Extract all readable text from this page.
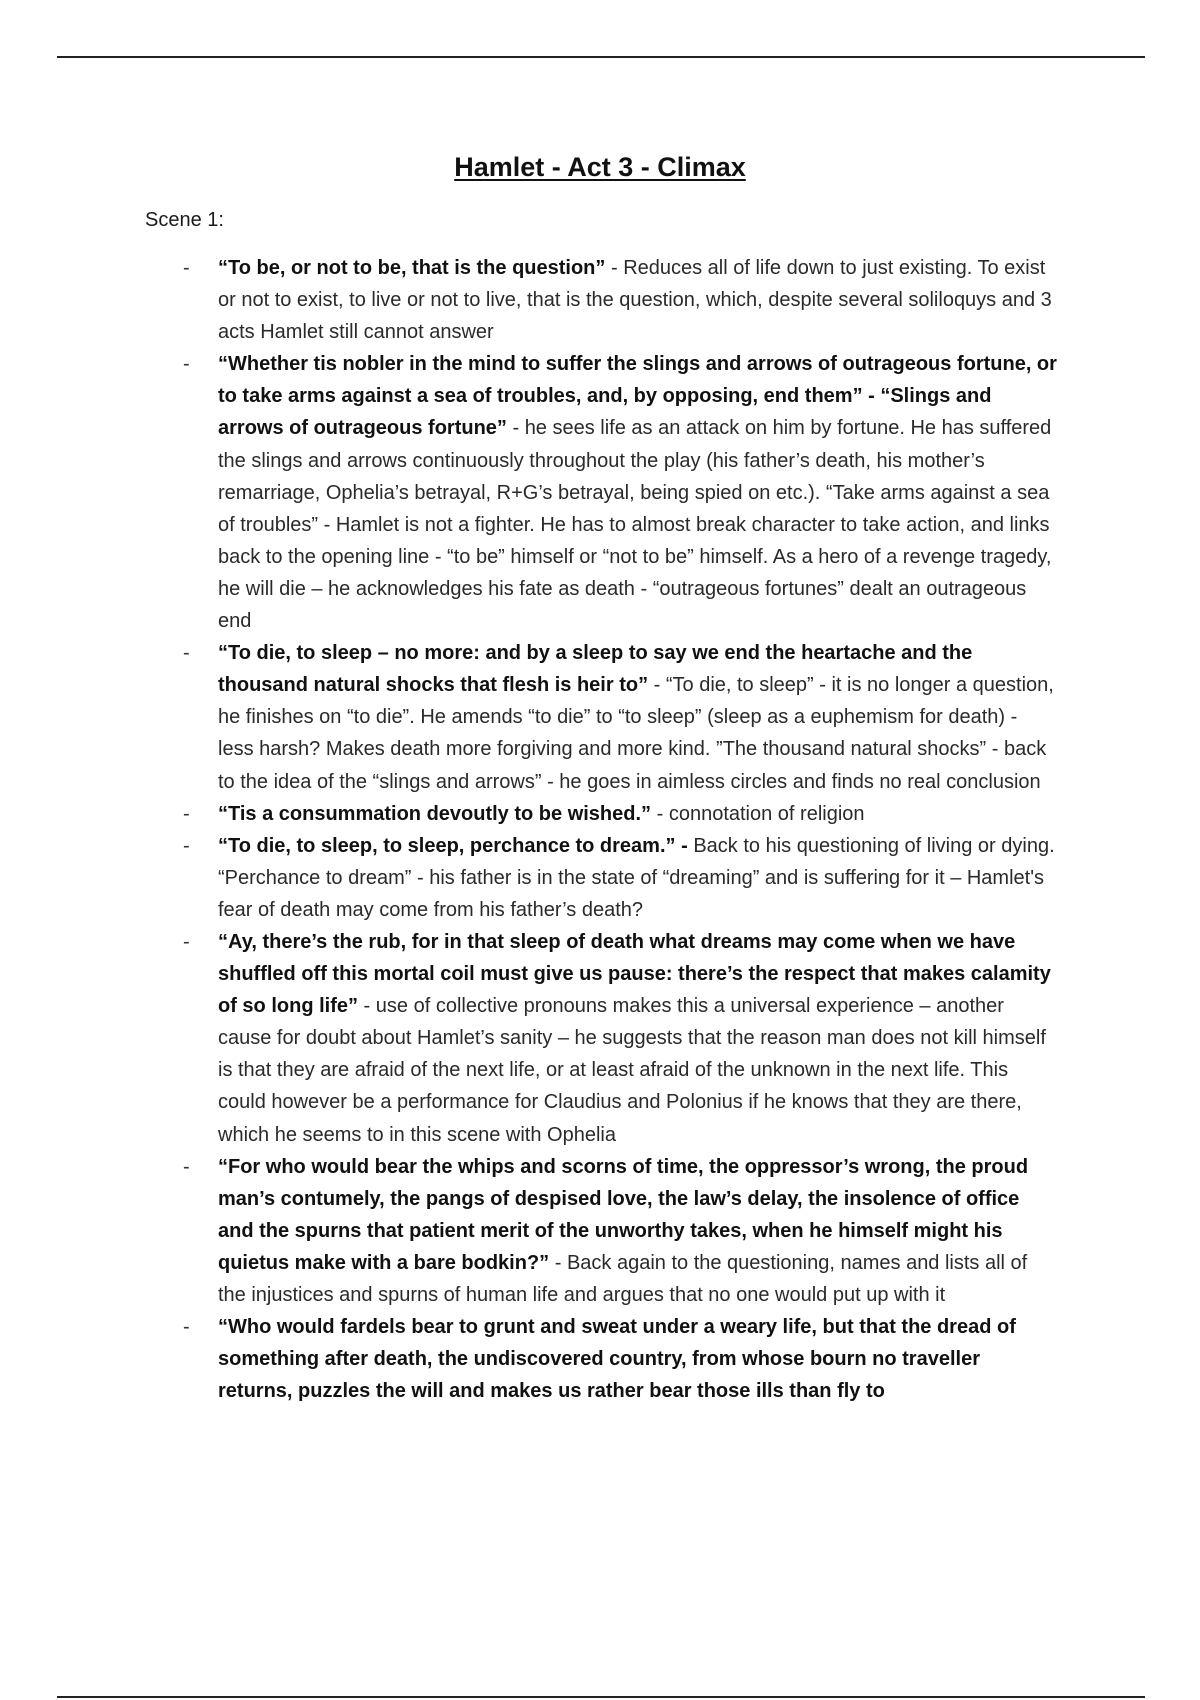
Hamlet - Act 3 - Climax

Scene 1:

- “To be, or not to be, that is the question” - Reduces all of life down to just existing. To exist or not to exist, to live or not to live, that is the question, which, despite several soliloquys and 3 acts Hamlet still cannot answer
- “Whether tis nobler in the mind to suffer the slings and arrows of outrageous fortune, or to take arms against a sea of troubles, and, by opposing, end them” - “Slings and arrows of outrageous fortune” - he sees life as an attack on him by fortune. He has suffered the slings and arrows continuously throughout the play (his father’s death, his mother’s remarriage, Ophelia’s betrayal, R+G’s betrayal, being spied on etc.). “Take arms against a sea of troubles” - Hamlet is not a fighter. He has to almost break character to take action, and links back to the opening line - “to be” himself or “not to be” himself. As a hero of a revenge tragedy, he will die – he acknowledges his fate as death - “outrageous fortunes” dealt an outrageous end
- “To die, to sleep – no more: and by a sleep to say we end the heartache and the thousand natural shocks that flesh is heir to” - “To die, to sleep” - it is no longer a question, he finishes on “to die”. He amends “to die” to “to sleep” (sleep as a euphemism for death) - less harsh? Makes death more forgiving and more kind. ”The thousand natural shocks” - back to the idea of the “slings and arrows” - he goes in aimless circles and finds no real conclusion
- “Tis a consummation devoutly to be wished.” - connotation of religion
- “To die, to sleep, to sleep, perchance to dream.” - Back to his questioning of living or dying. “Perchance to dream” - his father is in the state of “dreaming” and is suffering for it – Hamlet's fear of death may come from his father’s death?
- “Ay, there’s the rub, for in that sleep of death what dreams may come when we have shuffled off this mortal coil must give us pause: there’s the respect that makes calamity of so long life” - use of collective pronouns makes this a universal experience – another cause for doubt about Hamlet’s sanity – he suggests that the reason man does not kill himself is that they are afraid of the next life, or at least afraid of the unknown in the next life. This could however be a performance for Claudius and Polonius if he knows that they are there, which he seems to in this scene with Ophelia
- “For who would bear the whips and scorns of time, the oppressor’s wrong, the proud man’s contumely, the pangs of despised love, the law’s delay, the insolence of office and the spurns that patient merit of the unworthy takes, when he himself might his quietus make with a bare bodkin?” - Back again to the questioning, names and lists all of the injustices and spurns of human life and argues that no one would put up with it
- “Who would fardels bear to grunt and sweat under a weary life, but that the dread of something after death, the undiscovered country, from whose bourn no traveller returns, puzzles the will and makes us rather bear those ills than fly to
